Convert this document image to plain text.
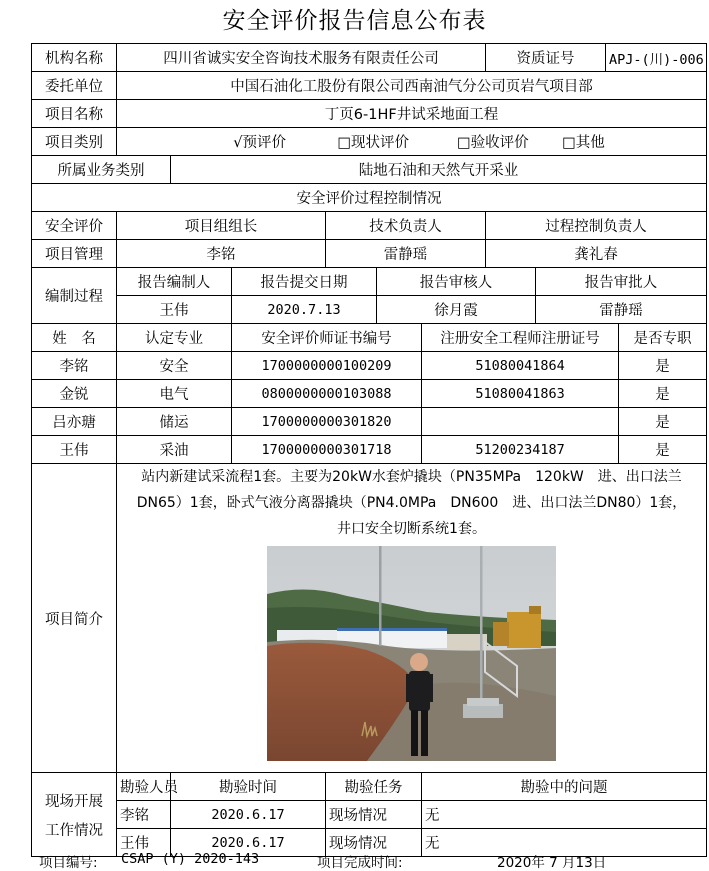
安全评价报告信息公布表
机构名称	四川省诚实安全咨询技术服务有限责任公司						资质证号		APJ-(川)-006	
委托单位	中国石油化工股份有限公司西南油气分公司页岩气项目部									
项目名称	丁页6-1HF井试采地面工程									
项目类别	√预评价 □现状评价 □验收评价 □其他									
所属业务类别		陆地石油和天然气开采业								
安全评价过程控制情况										
安全评价	项目组组长			技术负责人			过程控制负责人			
项目管理	李铭			雷静瑶			龚礼春			
编制过程	报告编制人		报告提交日期		报告审核人			报告审批人		
	王伟		2020.7.13		徐月霞			雷静瑶		
姓　名	认定专业		安全评价师证书编号			注册安全工程师注册证号				是否专职
李铭	安全		1700000000100209			51080041864				是
金锐	电气		0800000000103088			51080041863				是
吕亦瑭	储运		1700000000301820							是
王伟	采油		1700000000301718			51200234187				是
项目简介	站内新建试采流程1套。主要为20kW水套炉撬块（PN35MPa　120kW　进、出口法兰DN65）1套，卧式气液分离器撬块（PN4.0MPa　DN600　进、出口法兰DN80）1套，
井口安全切断系统1套。									

现场开展
工作情况	勘验人员	勘验时间		勘验任务		勘验中的问题				
	李铭	2020.6.17		现场情况		无				
	王伟	2020.6.17		现场情况		无				
项目编号: CSAP (Y) 2020-143	项目完成时间:	2020年 7 月13日
